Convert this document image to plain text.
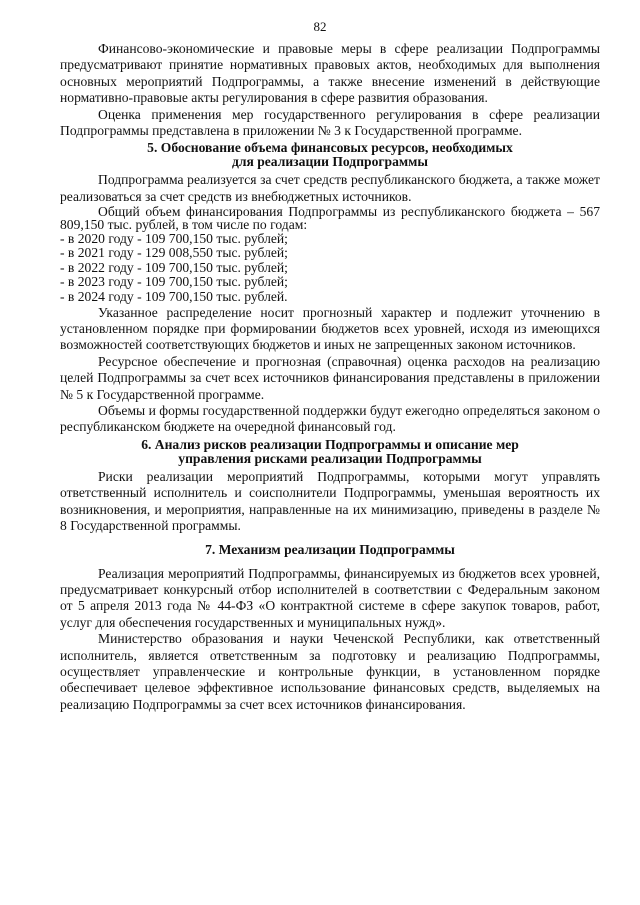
82

Финансово-экономические и правовые меры в сфере реализации Подпрограммы предусматривают принятие нормативных правовых актов, необходимых для выполнения основных мероприятий Подпрограммы, а также внесение изменений в действующие нормативно-правовые акты регулирования в сфере развития образования.

Оценка применения мер государственного регулирования в сфере реализации Подпрограммы представлена в приложении № 3 к Государственной программе.

5. Обоснование объема финансовых ресурсов, необходимых
для реализации Подпрограммы

Подпрограмма реализуется за счет средств республиканского бюджета, а также может реализоваться за счет средств из внебюджетных источников.

Общий объем финансирования Подпрограммы из республиканского бюджета – 567 809,150 тыс. рублей, в том числе по годам:

- в 2020 году - 109 700,150 тыс. рублей;
- в 2021 году - 129 008,550 тыс. рублей;
- в 2022 году - 109 700,150 тыс. рублей;
- в 2023 году - 109 700,150 тыс. рублей;
- в 2024 году - 109 700,150 тыс. рублей.

Указанное распределение носит прогнозный характер и подлежит уточнению в установленном порядке при формировании бюджетов всех уровней, исходя из имеющихся возможностей соответствующих бюджетов и иных не запрещенных законом источников.

Ресурсное обеспечение и прогнозная (справочная) оценка расходов на реализацию целей Подпрограммы за счет всех источников финансирования представлены в приложении № 5 к Государственной программе.

Объемы и формы государственной поддержки будут ежегодно определяться законом о республиканском бюджете на очередной финансовый год.

6. Анализ рисков реализации Подпрограммы и описание мер
управления рисками реализации Подпрограммы

Риски реализации мероприятий Подпрограммы, которыми могут управлять ответственный исполнитель и соисполнители Подпрограммы, уменьшая вероятность их возникновения, и мероприятия, направленные на их минимизацию, приведены в разделе № 8 Государственной программы.

7. Механизм реализации Подпрограммы

Реализация мероприятий Подпрограммы, финансируемых из бюджетов всех уровней, предусматривает конкурсный отбор исполнителей в соответствии с Федеральным законом от 5 апреля 2013 года № 44-ФЗ «О контрактной системе в сфере закупок товаров, работ, услуг для обеспечения государственных и муниципальных нужд».

Министерство образования и науки Чеченской Республики, как ответственный исполнитель, является ответственным за подготовку и реализацию Подпрограммы, осуществляет управленческие и контрольные функции, в установленном порядке обеспечивает целевое эффективное использование финансовых средств, выделяемых на реализацию Подпрограммы за счет всех источников финансирования.
